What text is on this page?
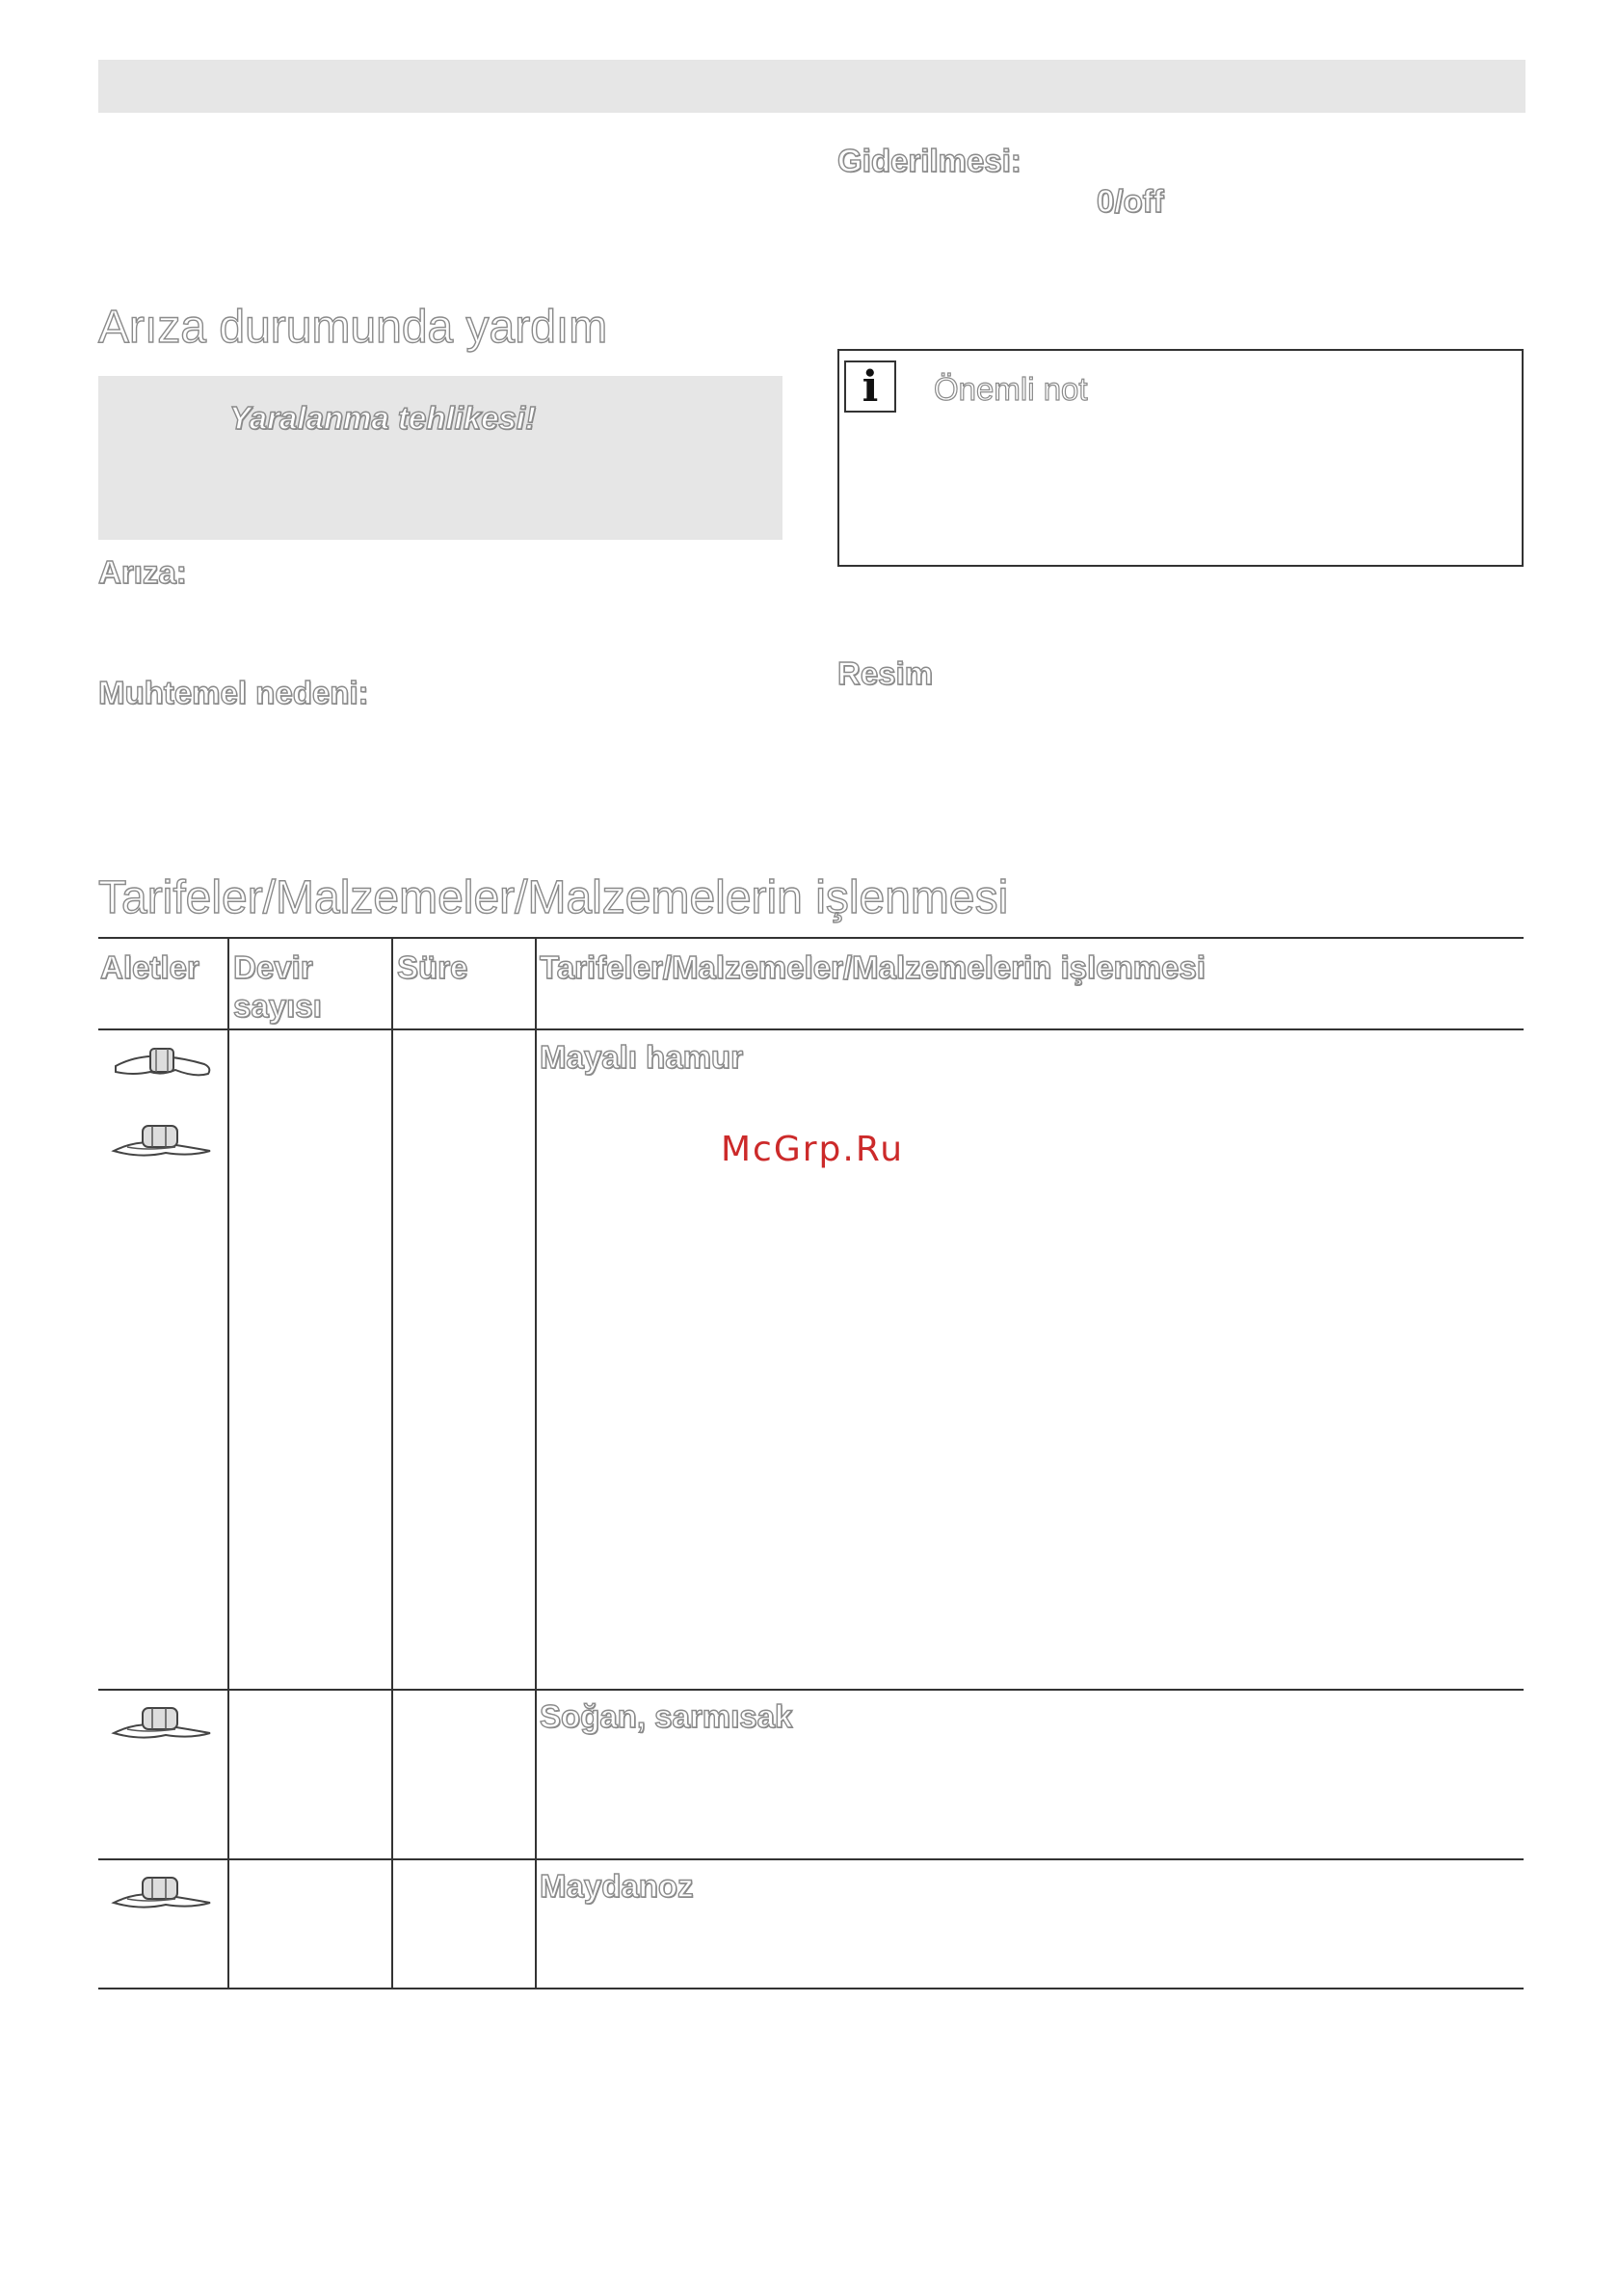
Arıza durumunda yardım
Yaralanma tehlikesi!
Arıza:
Muhtemel nedeni:
Giderilmesi:
0/off
i	Önemli not
Resim
Tarifeler/Malzemeler/Malzemelerin işlenmesi
Aletler Devir sayısı
Süre Tarifeler/Malzemeler/Malzemelerin işlenmesi
Mayalı hamur
Soğan, sarmısak
Maydanoz
McGrp.Ru
